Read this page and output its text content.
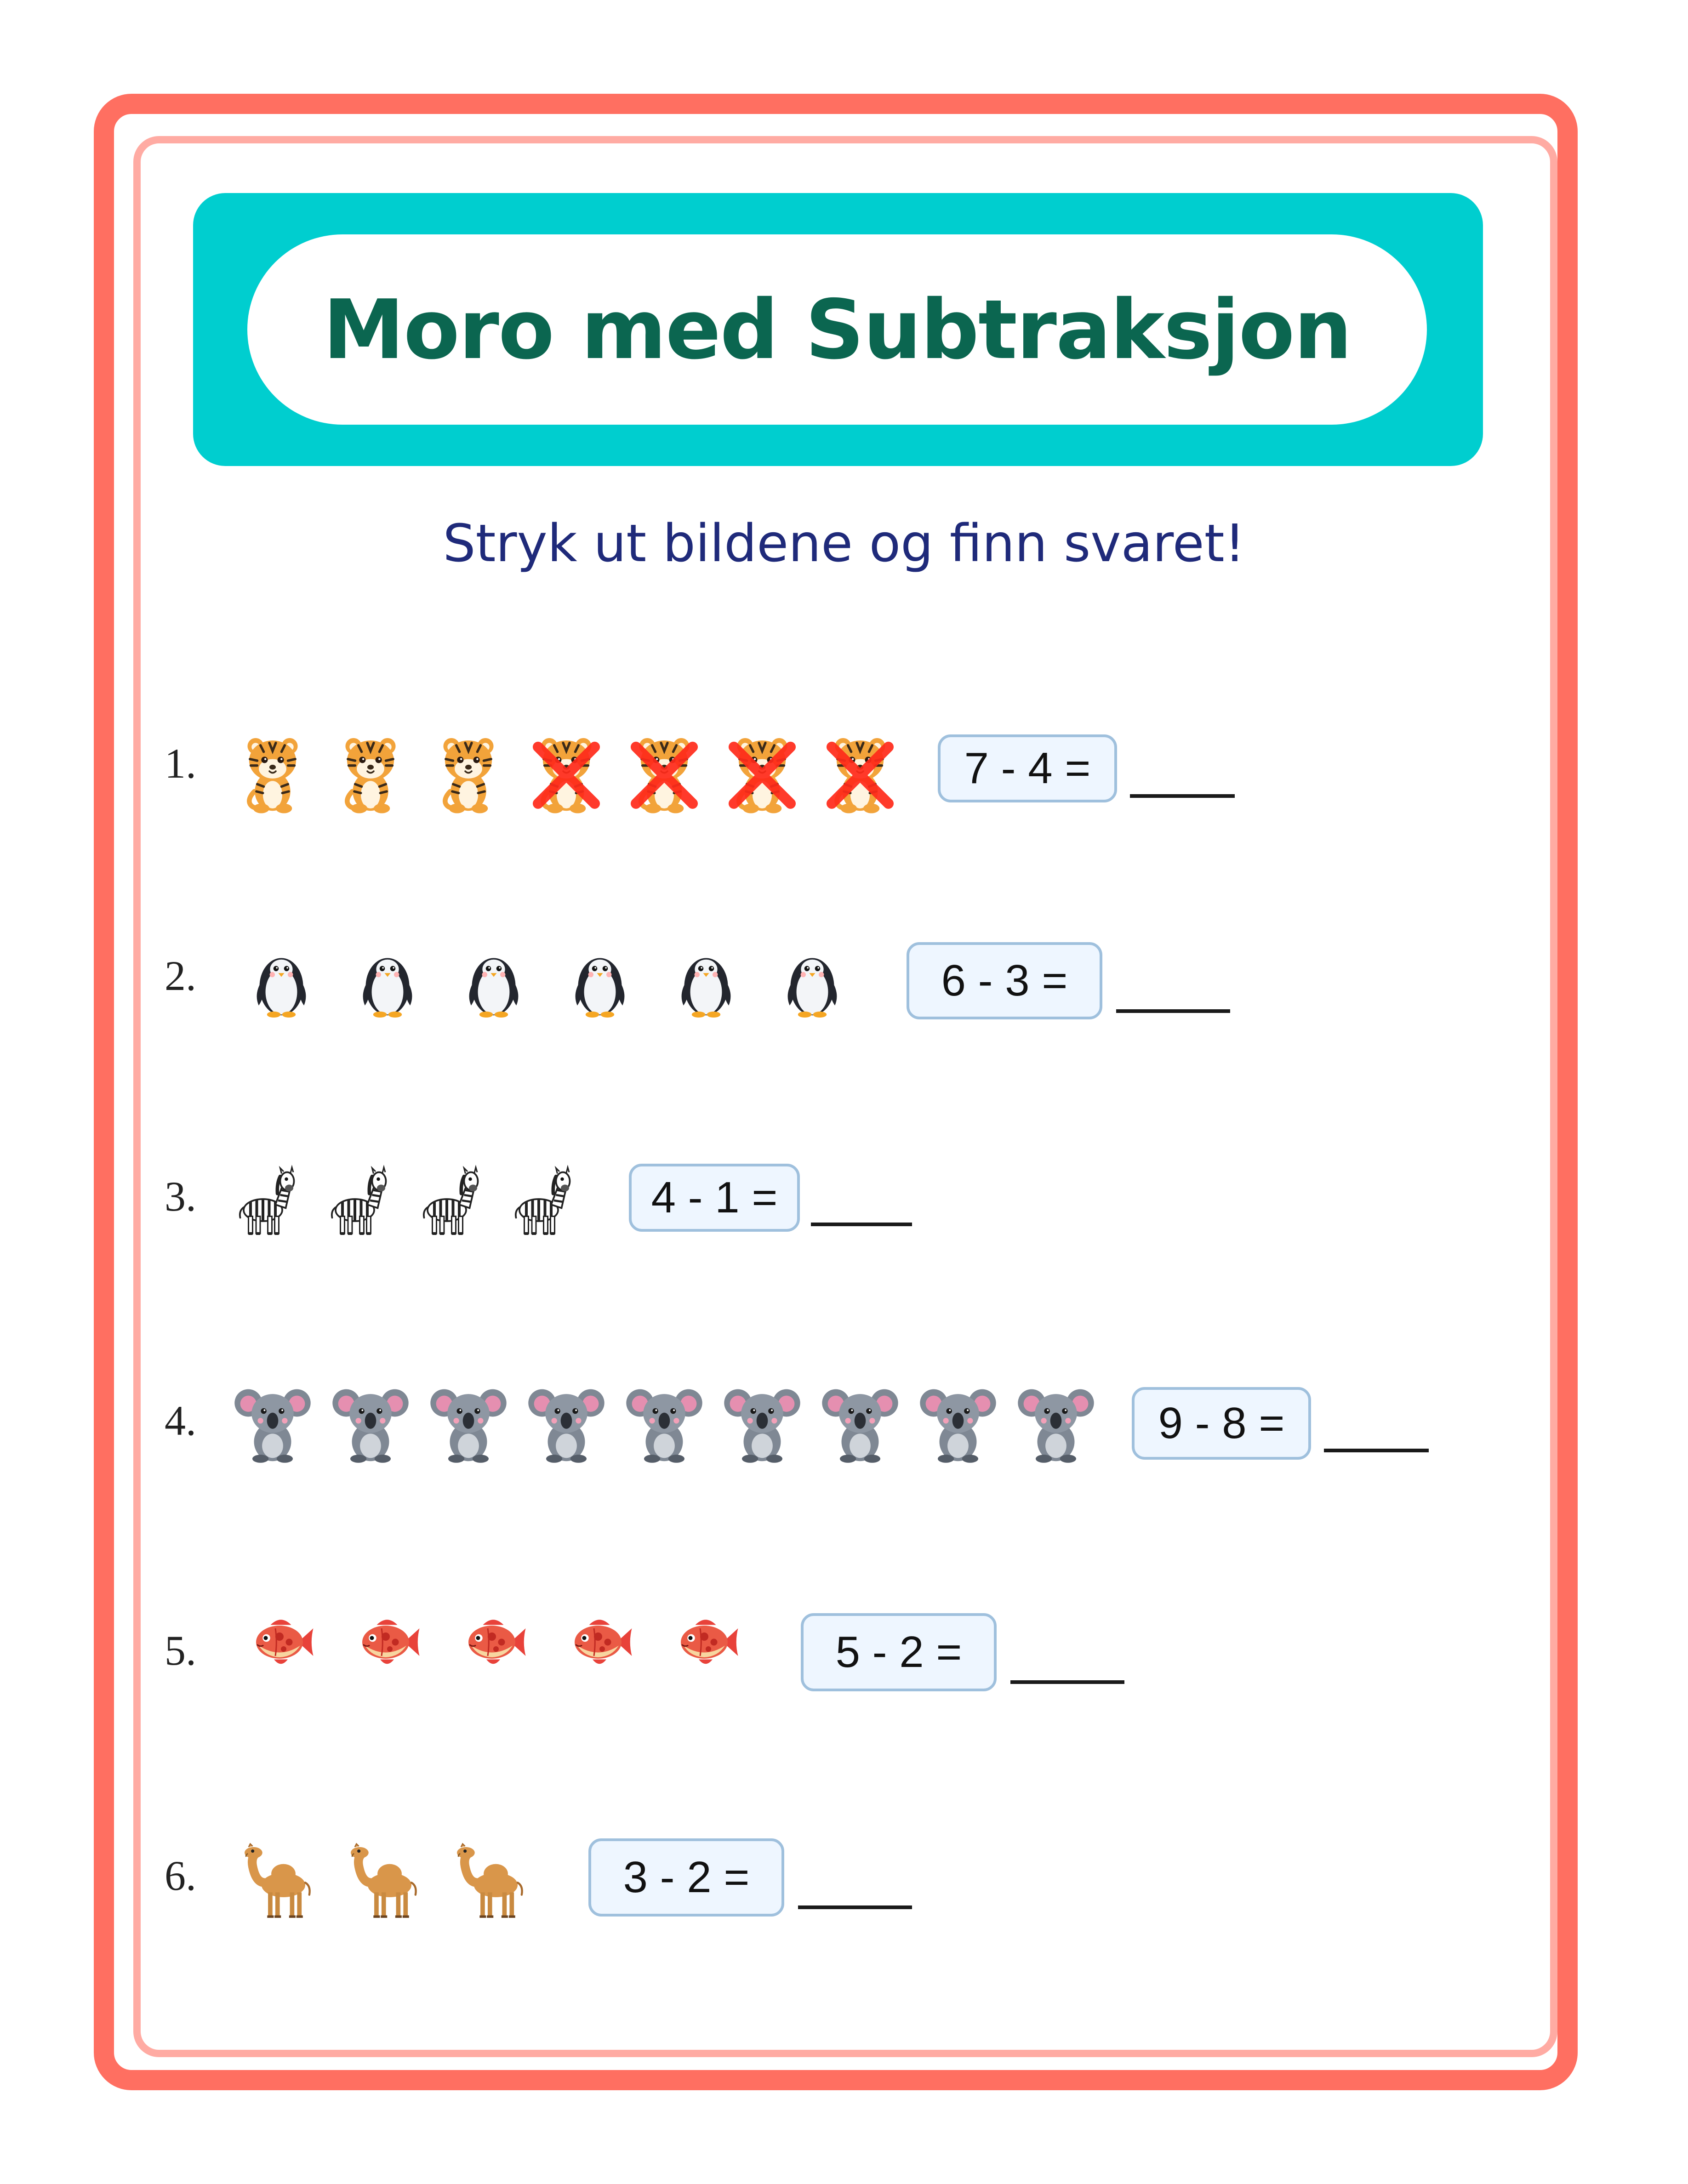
Moro med Subtraksjon
Stryk ut bildene og finn svaret!
1.	7 - 4 =
2.	6 - 3 =
3.	4 - 1 =
4.	9 - 8 =
5.	5 - 2 =
6.	3 - 2 =
